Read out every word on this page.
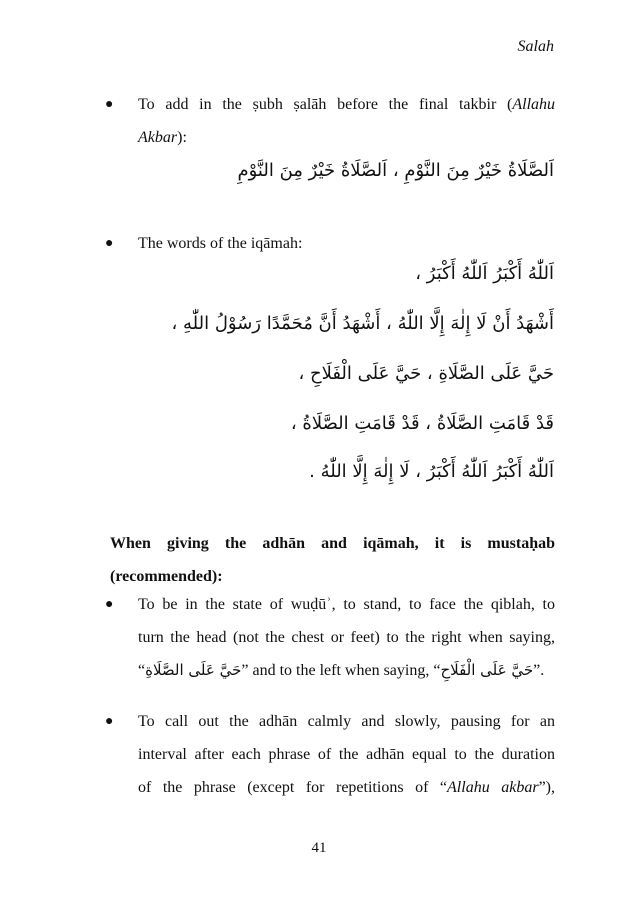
Salah
● To add in the ṣubh ṣalāh before the final takbir (Allahu
Akbar):
اَلصَّلَاةُ خَيْرٌ مِنَ النَّوْمِ ، اَلصَّلَاةُ خَيْرٌ مِنَ النَّوْمِ
● The words of the iqāmah:
اَللّٰهُ أَكْبَرُ اَللّٰهُ أَكْبَرُ ،
أَشْهَدُ أَنْ لَا إِلٰهَ إِلَّا اللّٰهُ ، أَشْهَدُ أَنَّ مُحَمَّدًا رَسُوْلُ اللّٰهِ ،
حَيَّ عَلَى الصَّلَاةِ ، حَيَّ عَلَى الْفَلَاحِ ،
قَدْ قَامَتِ الصَّلَاةُ ، قَدْ قَامَتِ الصَّلَاةُ ،
اَللّٰهُ أَكْبَرُ اَللّٰهُ أَكْبَرُ ، لَا إِلٰهَ إِلَّا اللّٰهُ .
When giving the adhān and iqāmah, it is mustaḥab
(recommended):
● To be in the state of wuḍūʾ, to stand, to face the qiblah, to
turn the head (not the chest or feet) to the right when saying,
“حَيَّ عَلَى الصَّلَاةِ” and to the left when saying, “حَيَّ عَلَى الْفَلَاحِ”.
● To call out the adhān calmly and slowly, pausing for an
interval after each phrase of the adhān equal to the duration
of the phrase (except for repetitions of “Allahu akbar”),
41
